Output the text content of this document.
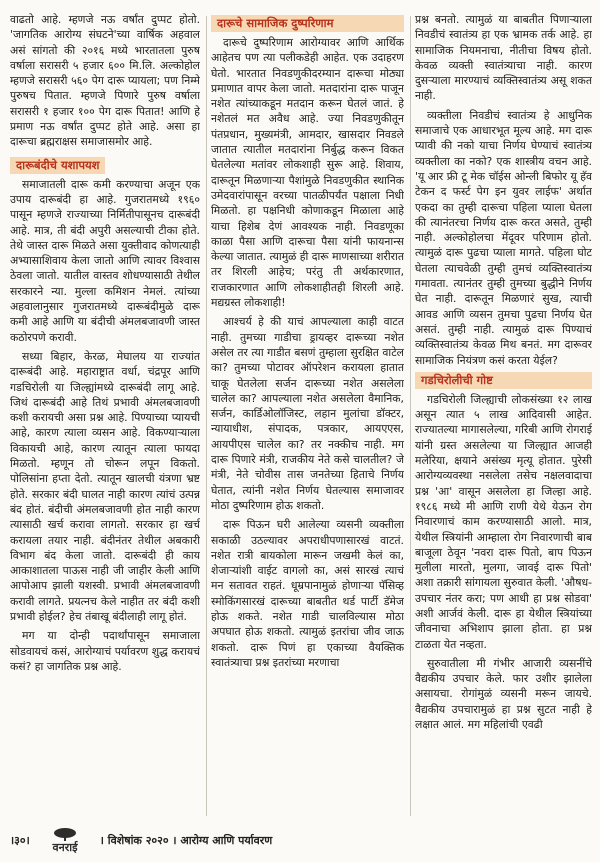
वाढतो आहे. म्हणजे नऊ वर्षांत दुप्पट होतो. 'जागतिक आरोग्य संघटने'च्या वार्षिक अहवाल असं सांगतो की २०१६ मध्ये भारतातला पुरुष वर्षाला सरासरी ५ हजार ६०० मि.लि. अल्कोहोल म्हणजे सरासरी ५६० पेग दारू प्यायला; पण निम्मे पुरुषच पितात. म्हणजे पिणारे पुरुष वर्षाला सरासरी १ हजार १०० पेग दारू पितात! आणि हे प्रमाण नऊ वर्षांत दुप्पट होते आहे. असा हा दारूचा ब्रह्मराक्षस समाजासमोर आहे.

दारूबंदीचे यशापयश

समाजातली दारू कमी करण्याचा अजून एक उपाय दारूबंदी हा आहे. गुजरातमध्ये १९६० पासून म्हणजे राज्याच्या निर्मितीपासूनच दारूबंदी आहे. मात्र, ती बंदी अपुरी असल्याची टीका होते. तेथे जास्त दारू मिळते असा युक्तीवाद कोणत्याही अभ्यासाशिवाय केला जातो आणि त्यावर विश्वास ठेवला जातो. यातील वास्तव शोधण्यासाठी तेथील सरकारने न्या. मुल्ला कमिशन नेमलं. त्यांच्या अहवालानुसार गुजरातमध्ये दारूबंदीमुळे दारू कमी आहे आणि या बंदीची अंमलबजावणी जास्त कठोरपणे करावी.

सध्या बिहार, केरळ, मेघालय या राज्यांत दारूबंदी आहे. महाराष्ट्रात वर्धा, चंद्रपूर आणि गडचिरोली या जिल्ह्यांमध्ये दारूबंदी लागू आहे. जिथं दारूबंदी आहे तिथं प्रभावी अंमलबजावणी कशी करायची असा प्रश्न आहे. पिण्याच्या प्यायची आहे, कारण त्याला व्यसन आहे. विकण्याऱ्याला विकायची आहे, कारण त्यातून त्याला फायदा मिळतो. म्हणून तो चोरून लपून विकतो. पोलिसांना हप्ता देतो. त्यातून खालची यंत्रणा भ्रष्ट होते. सरकार बंदी घालत नाही कारण त्यांचं उत्पन्न बंद होतं. बंदीची अंमलबजावणी होत नाही कारण त्यासाठी खर्च करावा लागतो. सरकार हा खर्च करायला तयार नाही. बंदीनंतर तेथील अबकारी विभाग बंद केला जातो. दारूबंदी ही काय आकाशातला पाऊस नाही जी जाहीर केली आणि आपोआप झाली यशस्वी. प्रभावी अंमलबजावणी करावी लागते. प्रयत्नच केले नाहीत तर बंदी कशी प्रभावी होईल? हेच तंबाखू बंदीलाही लागू होतं.

मग या दोन्ही पदार्थांपासून समाजाला सोडवायचं कसं, आरोग्याचं पर्यावरण शुद्ध करायचं कसं? हा जागतिक प्रश्न आहे.

दारूचे सामाजिक दुष्परिणाम

दारूचे दुष्परिणाम आरोग्यावर आणि आर्थिक आहेतच पण त्या पलीकडेही आहेत. एक उदाहरण घेतो. भारतात निवडणुकीदरम्यान दारूचा मोठ्या प्रमाणात वापर केला जातो. मतदारांना दारू पाजून नशेत त्यांच्याकडून मतदान करून घेतलं जातं. हे नशेतलं मत अवैध आहे. ज्या निवडणुकीतून पंतप्रधान, मुख्यमंत्री, आमदार, खासदार निवडले जातात त्यातील मतदारांना निर्बुद्ध करून विकत घेतलेल्या मतांवर लोकशाही सुरू आहे. शिवाय, दारूतून मिळणाऱ्या पैशांमुळे निवडणुकीत स्थानिक उमेदवारांपासून वरच्या पातळीपर्यंत पक्षाला निधी मिळतो. हा पक्षनिधी कोणाकडून मिळाला आहे याचा हिशेब देणं आवश्यक नाही. निवडणूका काळा पैसा आणि दारूचा पैसा यांनी फायनान्स केल्या जातात. त्यामुळं ही दारू माणसाच्या शरीरात तर शिरली आहेच; परंतु ती अर्थकारणात, राजकारणात आणि लोकशाहीतही शिरली आहे. मद्यग्रस्त लोकशाही!

आश्चर्य हे की याचं आपल्याला काही वाटत नाही. तुमच्या गाडीचा ड्रायव्हर दारूच्या नशेत असेल तर त्या गाडीत बसणं तुम्हाला सुरक्षित वाटेल का? तुमच्या पोटावर ऑपरेशन करायला हातात चाकू घेतलेला सर्जन दारूच्या नशेत असलेला चालेल का? आपल्याला नशेत असलेला वैमानिक, सर्जन, कार्डिओलॉजिस्ट, लहान मुलांचा डॉक्टर, न्यायाधीश, संपादक, पत्रकार, आयएएस, आयपीएस चालेल का? तर नक्कीच नाही. मग दारू पिणारे मंत्री, राजकीय नेते कसे चालतील? जे मंत्री, नेते चोवीस तास जनतेच्या हिताचे निर्णय घेतात, त्यांनी नशेत निर्णय घेतल्यास समाजावर मोठा दुष्परिणाम होऊ शकतो.

दारू पिऊन घरी आलेल्या व्यसनी व्यक्तीला सकाळी उठल्यावर अपराधीपणासारखं वाटतं. नशेत रात्री बायकोला मारून जखमी केलं का, शेजाऱ्यांशी वाईट वागलो का, असं सारखं त्याचं मन सतावत राहतं. धूम्रपानामुळं होणाऱ्या पॅसिव्ह स्मोकिंगसारखं दारूच्या बाबतीत थर्ड पार्टी डॅमेज होऊ शकते. नशेत गाडी चालविल्यास मोठा अपघात होऊ शकतो. त्यामुळं इतरांचा जीव जाऊ शकतो. दारू पिणं हा एकाच्या वैयक्तिक स्वातंत्र्याचा प्रश्न इतरांच्या मरणाचा

प्रश्न बनतो. त्यामुळं या बाबतीत पिणाऱ्याला निवडीचं स्वातंत्र्य हा एक भ्रामक तर्क आहे. हा सामाजिक नियमनाचा, नीतीचा विषय होतो. केवळ व्यक्ती स्वातंत्र्याचा नाही. कारण दुसऱ्याला मारण्याचं व्यक्तिस्वातंत्र्य असू शकत नाही.

व्यक्तीला निवडीचं स्वातंत्र्य हे आधुनिक समाजाचे एक आधारभूत मूल्य आहे. मग दारू प्यावी की नको याचा निर्णय घेण्याचं स्वातंत्र्य व्यक्तीला का नको? एक शास्त्रीय वचन आहे. 'यू आर फ्री टू मेक चॉईस ओन्ली बिफोर यू हॅव टेकन द फर्स्ट पेग इन युवर लाईफ' अर्थात एकदा का तुम्ही दारूचा पहिला प्याला घेतला की त्यानंतरचा निर्णय दारू करत असते, तुम्ही नाही. अल्कोहोलचा मेंदूवर परिणाम होतो. त्यामुळं दारू पुढचा प्याला मागते. पहिला घोट घेतला त्याचवेळी तुम्ही तुमचं व्यक्तिस्वातंत्र्य गमावता. त्यानंतर तुम्ही तुमच्या बुद्धीने निर्णय घेत नाही. दारूतून मिळणारं सुख, त्याची आवड आणि व्यसन तुमचा पुढचा निर्णय घेत असतं. तुम्ही नाही. त्यामुळं दारू पिण्याचं व्यक्तिस्वातंत्र्य केवळ मिथ बनतं. मग दारूवर सामाजिक नियंत्रण कसं करता येईल?

गडचिरोलीची गोष्ट

गडचिरोली जिल्ह्याची लोकसंख्या १२ लाख असून त्यात ५ लाख आदिवासी आहेत. राज्यातल्या मागासलेल्या, गरिबी आणि रोगराई यांनी ग्रस्त असलेल्या या जिल्ह्यात आजही मलेरिया, क्षयाने असंख्य मृत्यू होतात. पुरेसी आरोग्यव्यवस्था नसलेला तसेच नक्षलवादाचा प्रश्न 'आ' वासून असलेला हा जिल्हा आहे. १९८६ मध्ये मी आणि राणी येथे येऊन रोग निवारणाचं काम करण्यासाठी आलो. मात्र, येथील स्त्रियांनी आम्हाला रोग निवारणाची बाब बाजूला ठेवून 'नवरा दारू पितो, बाप पिऊन मुलीला मारतो, मुलगा, जावई दारू पितो' अशा तक्रारी सांगायला सुरुवात केली. 'औषध-उपचार नंतर करा; पण आधी हा प्रश्न सोडवा' अशी आर्जवं केली. दारू हा येथील स्त्रियांच्या जीवनाचा अभिशाप झाला होता. हा प्रश्न टाळता येत नव्हता.

सुरुवातीला मी गंभीर आजारी व्यसनींचे वैद्यकीय उपचार केले. फार उशीर झालेला असायचा. रोगांमुळं व्यसनी मरून जायचे. वैद्यकीय उपचारामुळं हा प्रश्न सुटत नाही हे लक्षात आलं. मग महिलांची एवढी

।३०।
वनराई
। विशेषांक २०२० । आरोग्य आणि पर्यावरण
